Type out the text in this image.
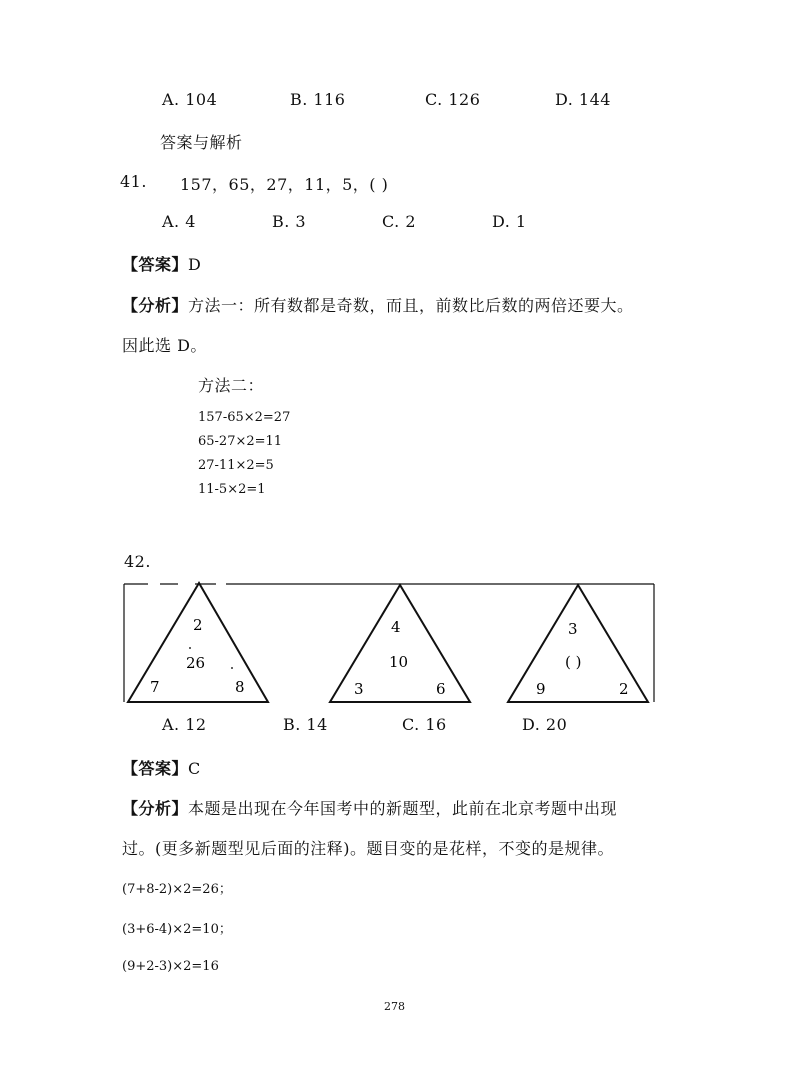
A. 104	B. 116	C. 126	D. 144
答案与解析
41. 157，65，27，11，5，( )
A. 4	B. 3	C. 2	D. 1
【答案】D
【分析】方法一：所有数都是奇数，而且，前数比后数的两倍还要大。
因此选 D。
方法二：
157-65×2=27
65-27×2=11
27-11×2=5
11-5×2=1
42.
2
26
7	8
4
10
3	6
3
( )
9	2
A. 12	B. 14	C. 16	D. 20
【答案】C
【分析】本题是出现在今年国考中的新题型，此前在北京考题中出现
过。(更多新题型见后面的注释)。题目变的是花样，不变的是规律。
(7+8-2)×2=26；
(3+6-4)×2=10；
(9+2-3)×2=16
278
